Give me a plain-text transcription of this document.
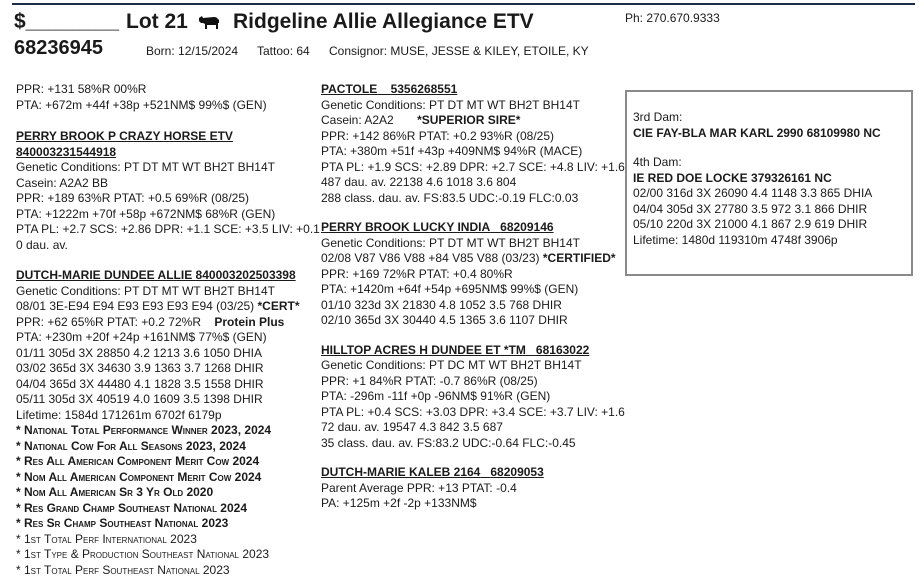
$________ Lot 21 Ridgeline Allie Allegiance ETV	Ph: 270.670.9333
68236945	Born: 12/15/2024 Tattoo: 64 Consignor: MUSE, JESSE & KILEY, ETOILE, KY
PPR: +131 58%R 00%R
PTA: +672m +44f +38p +521NM$ 99%$ (GEN)
PERRY BROOK P CRAZY HORSE ETV
840003231544918
Genetic Conditions: PT DT MT WT BH2T BH14T
Casein: A2A2 BB
PPR: +189 63%R PTAT: +0.5 69%R (08/25)
PTA: +1222m +70f +58p +672NM$ 68%R (GEN)
PTA PL: +2.7 SCS: +2.86 DPR: +1.1 SCE: +3.5 LIV: +0.1
0 dau. av.
DUTCH-MARIE DUNDEE ALLIE 840003202503398
Genetic Conditions: PT DT MT WT BH2T BH14T
08/01 3E-E94 E94 E93 E93 E93 E94 (03/25) *CERT*
PPR: +62 65%R PTAT: +0.2 72%R Protein Plus
PTA: +230m +20f +24p +161NM$ 77%$ (GEN)
01/11 305d 3X 28850 4.2 1213 3.6 1050 DHIA
03/02 365d 3X 34630 3.9 1363 3.7 1268 DHIR
04/04 365d 3X 44480 4.1 1828 3.5 1558 DHIR
05/11 305d 3X 40519 4.0 1609 3.5 1398 DHIR
Lifetime: 1584d 171261m 6702f 6179p
* National Total Performance Winner 2023, 2024
* National Cow For All Seasons 2023, 2024
* Res All American Component Merit Cow 2024
* Nom All American Component Merit Cow 2024
* Nom All American Sr 3 Yr Old 2020
* Res Grand Champ Southeast National 2024
* Res Sr Champ Southeast National 2023
* 1st Total Perf International 2023
* 1st Type & Production Southeast National 2023
* 1st Total Perf Southeast National 2023
PACTOLE 5356268551
Genetic Conditions: PT DT MT WT BH2T BH14T
Casein: A2A2 *SUPERIOR SIRE*
PPR: +142 86%R PTAT: +0.2 93%R (08/25)
PTA: +380m +51f +43p +409NM$ 94%R (MACE)
PTA PL: +1.9 SCS: +2.89 DPR: +2.7 SCE: +4.8 LIV: +1.6
487 dau. av. 22138 4.6 1018 3.6 804
288 class. dau. av. FS:83.5 UDC:-0.19 FLC:0.03
PERRY BROOK LUCKY INDIA 68209146
Genetic Conditions: PT DT MT WT BH2T BH14T
02/08 V87 V86 V88 +84 V85 V88 (03/23) *CERTIFIED*
PPR: +169 72%R PTAT: +0.4 80%R
PTA: +1420m +64f +54p +695NM$ 99%$ (GEN)
01/10 323d 3X 21830 4.8 1052 3.5 768 DHIR
02/10 365d 3X 30440 4.5 1365 3.6 1107 DHIR
HILLTOP ACRES H DUNDEE ET *TM 68163022
Genetic Conditions: PT DC MT WT BH2T BH14T
PPR: +1 84%R PTAT: -0.7 86%R (08/25)
PTA: -296m -11f +0p -96NM$ 91%R (GEN)
PTA PL: +0.4 SCS: +3.03 DPR: +3.4 SCE: +3.7 LIV: +1.6
72 dau. av. 19547 4.3 842 3.5 687
35 class. dau. av. FS:83.2 UDC:-0.64 FLC:-0.45
DUTCH-MARIE KALEB 2164 68209053
Parent Average PPR: +13 PTAT: -0.4
PA: +125m +2f -2p +133NM$
3rd Dam:
CIE FAY-BLA MAR KARL 2990 68109980 NC
4th Dam:
IE RED DOE LOCKE 379326161 NC
02/00 316d 3X 26090 4.4 1148 3.3 865 DHIA
04/04 305d 3X 27780 3.5 972 3.1 866 DHIR
05/10 220d 3X 21000 4.1 867 2.9 619 DHIR
Lifetime: 1480d 119310m 4748f 3906p
